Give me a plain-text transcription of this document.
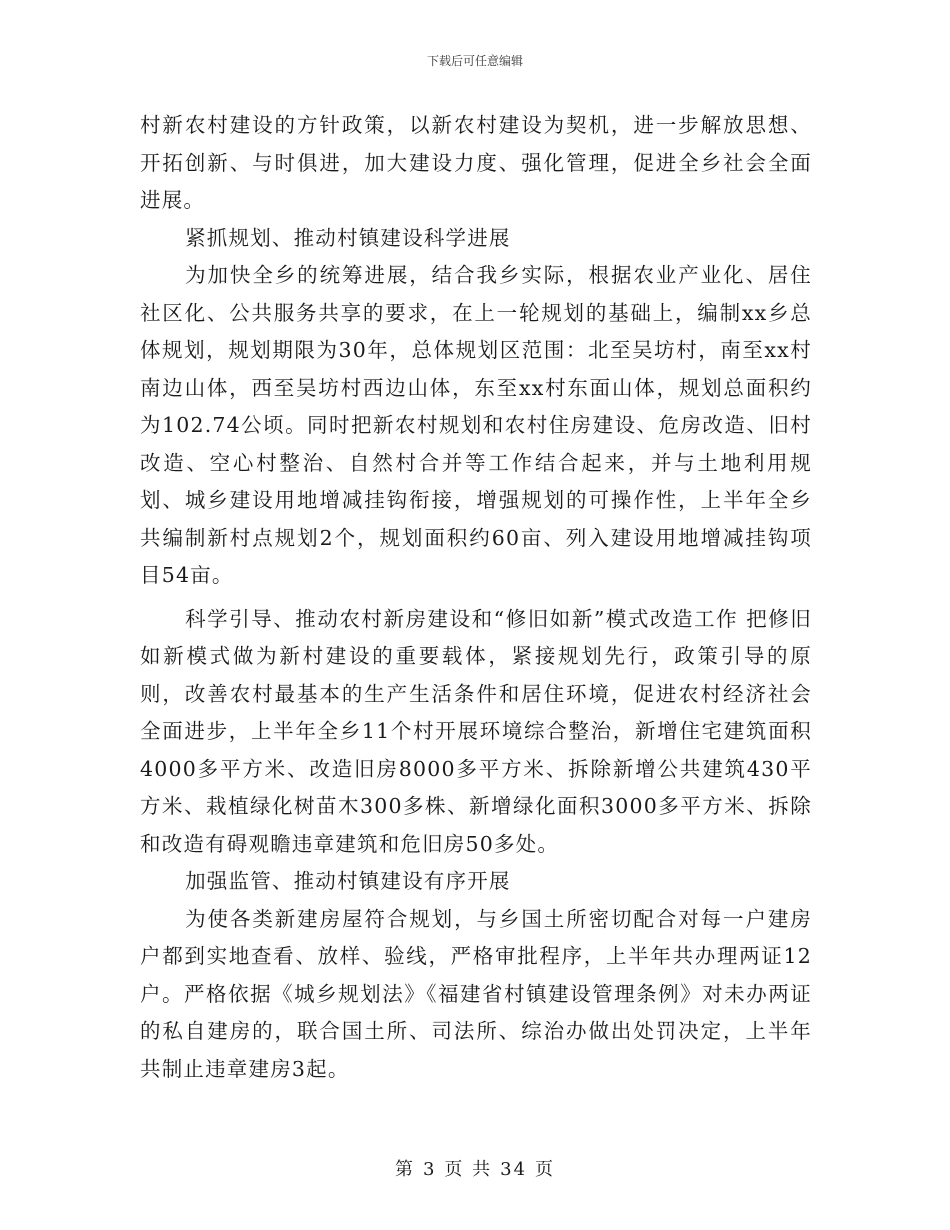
下载后可任意编辑

村新农村建设的方针政策，以新农村建设为契机，进一步解放思想、开拓创新、与时俱进，加大建设力度、强化管理，促进全乡社会全面进展。

紧抓规划、推动村镇建设科学进展

为加快全乡的统筹进展，结合我乡实际，根据农业产业化、居住社区化、公共服务共享的要求，在上一轮规划的基础上，编制xx乡总体规划，规划期限为30年，总体规划区范围：北至吴坊村，南至xx村南边山体，西至吴坊村西边山体，东至xx村东面山体，规划总面积约为102.74公顷。同时把新农村规划和农村住房建设、危房改造、旧村改造、空心村整治、自然村合并等工作结合起来，并与土地利用规划、城乡建设用地增减挂钩衔接，增强规划的可操作性，上半年全乡共编制新村点规划2个，规划面积约60亩、列入建设用地增减挂钩项目54亩。

科学引导、推动农村新房建设和“修旧如新”模式改造工作 把修旧如新模式做为新村建设的重要载体，紧接规划先行，政策引导的原则，改善农村最基本的生产生活条件和居住环境，促进农村经济社会全面进步，上半年全乡11个村开展环境综合整治，新增住宅建筑面积4000多平方米、改造旧房8000多平方米、拆除新增公共建筑430平方米、栽植绿化树苗木300多株、新增绿化面积3000多平方米、拆除和改造有碍观瞻违章建筑和危旧房50多处。

加强监管、推动村镇建设有序开展

为使各类新建房屋符合规划，与乡国土所密切配合对每一户建房户都到实地查看、放样、验线，严格审批程序，上半年共办理两证12户。严格依据《城乡规划法》《福建省村镇建设管理条例》对未办两证的私自建房的，联合国土所、司法所、综治办做出处罚决定，上半年共制止违章建房3起。

第 3 页 共 34 页
